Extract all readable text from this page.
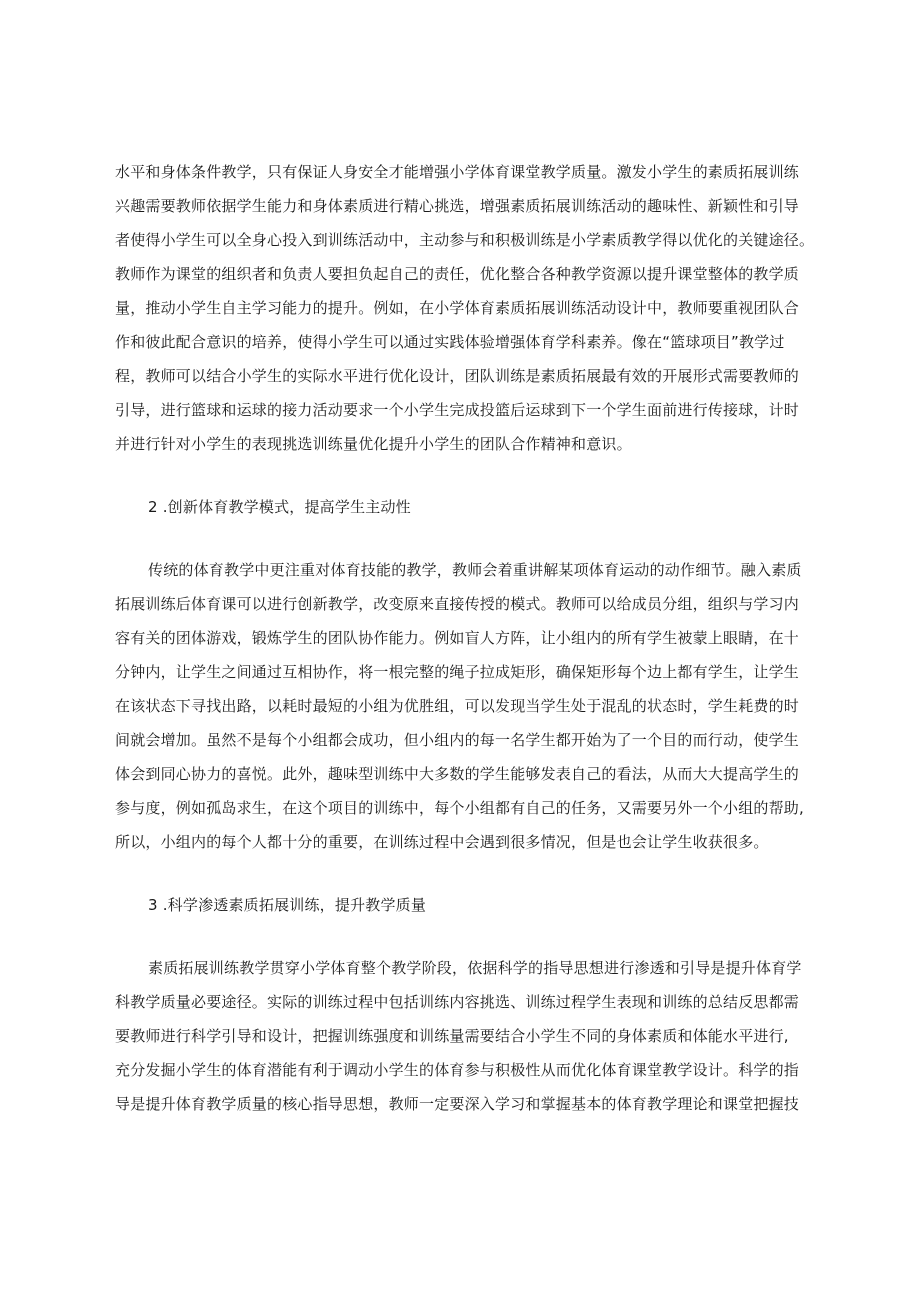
水平和身体条件教学，只有保证人身安全才能增强小学体育课堂教学质量。激发小学生的素质拓展训练
兴趣需要教师依据学生能力和身体素质进行精心挑选，增强素质拓展训练活动的趣味性、新颖性和引导
者使得小学生可以全身心投入到训练活动中，主动参与和积极训练是小学素质教学得以优化的关键途径。
教师作为课堂的组织者和负责人要担负起自己的责任，优化整合各种教学资源以提升课堂整体的教学质
量，推动小学生自主学习能力的提升。例如，在小学体育素质拓展训练活动设计中，教师要重视团队合
作和彼此配合意识的培养，使得小学生可以通过实践体验增强体育学科素养。像在“篮球项目”教学过
程，教师可以结合小学生的实际水平进行优化设计，团队训练是素质拓展最有效的开展形式需要教师的
引导，进行篮球和运球的接力活动要求一个小学生完成投篮后运球到下一个学生面前进行传接球，计时
并进行针对小学生的表现挑选训练量优化提升小学生的团队合作精神和意识。
2 .创新体育教学模式，提高学生主动性
传统的体育教学中更注重对体育技能的教学，教师会着重讲解某项体育运动的动作细节。融入素质
拓展训练后体育课可以进行创新教学，改变原来直接传授的模式。教师可以给成员分组，组织与学习内
容有关的团体游戏，锻炼学生的团队协作能力。例如盲人方阵，让小组内的所有学生被蒙上眼睛，在十
分钟内，让学生之间通过互相协作，将一根完整的绳子拉成矩形，确保矩形每个边上都有学生，让学生
在该状态下寻找出路，以耗时最短的小组为优胜组，可以发现当学生处于混乱的状态时，学生耗费的时
间就会增加。虽然不是每个小组都会成功，但小组内的每一名学生都开始为了一个目的而行动，使学生
体会到同心协力的喜悦。此外，趣味型训练中大多数的学生能够发表自己的看法，从而大大提高学生的
参与度，例如孤岛求生，在这个项目的训练中，每个小组都有自己的任务，又需要另外一个小组的帮助,
所以，小组内的每个人都十分的重要，在训练过程中会遇到很多情况，但是也会让学生收获很多。
3 .科学渗透素质拓展训练，提升教学质量
素质拓展训练教学贯穿小学体育整个教学阶段，依据科学的指导思想进行渗透和引导是提升体育学
科教学质量必要途径。实际的训练过程中包括训练内容挑选、训练过程学生表现和训练的总结反思都需
要教师进行科学引导和设计，把握训练强度和训练量需要结合小学生不同的身体素质和体能水平进行,
充分发掘小学生的体育潜能有利于调动小学生的体育参与积极性从而优化体育课堂教学设计。科学的指
导是提升体育教学质量的核心指导思想，教师一定要深入学习和掌握基本的体育教学理论和课堂把握技
